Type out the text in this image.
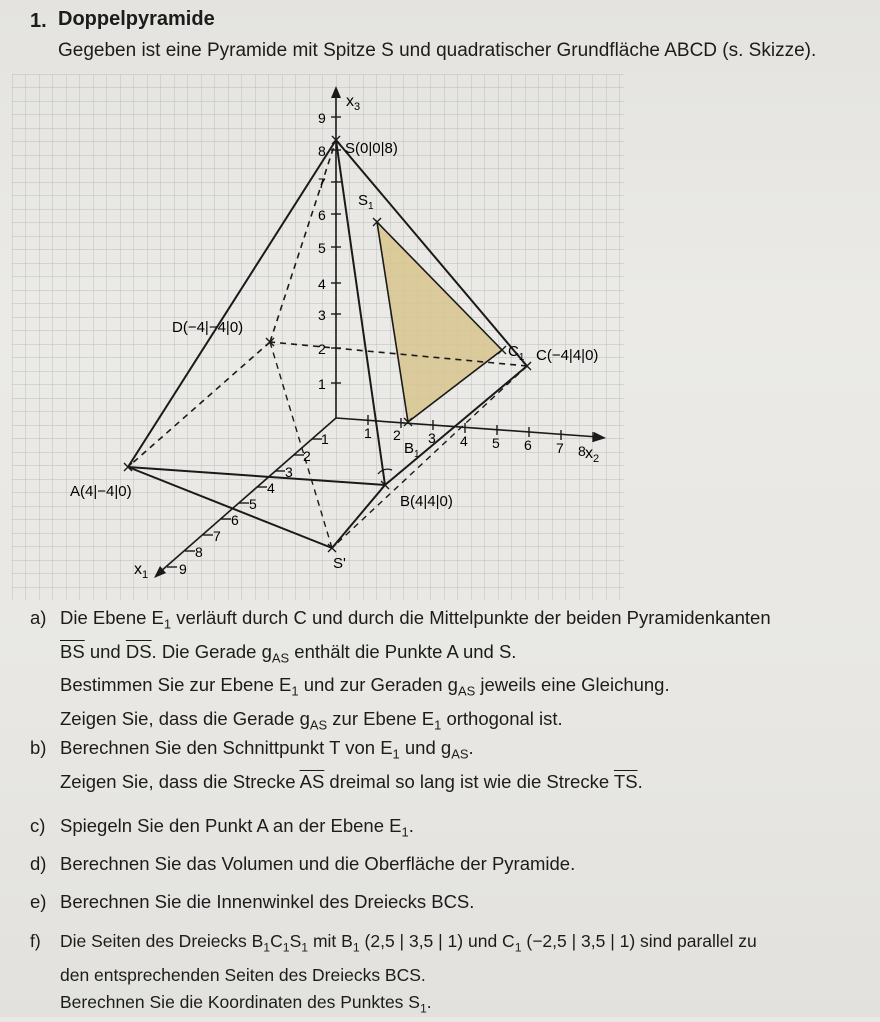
1. Doppelpyramide
Gegeben ist eine Pyramide mit Spitze S und quadratischer Grundfläche ABCD (s. Skizze).
$x_3$
$x_2$
$x_1$
S(0|0|8)
$S_1$
D(−4|−4|0)
C(−4|4|0)
$C_1$
A(4|−4|0)
B(4|4|0)
$B_1$
S'
1
2
3
4
5
6
7
8
9
1 2 3 4 5 6 7 8
1
2
3
4
5
6
7
8
9
a) Die Ebene $E_1$ verläuft durch C und durch die Mittelpunkte der beiden Pyramidenkanten
$\overline{BS}$ und $\overline{DS}$. Die Gerade $g_{AS}$ enthält die Punkte A und S.
Bestimmen Sie zur Ebene $E_1$ und zur Geraden $g_{AS}$ jeweils eine Gleichung.
Zeigen Sie, dass die Gerade $g_{AS}$ zur Ebene $E_1$ orthogonal ist.
b) Berechnen Sie den Schnittpunkt T von $E_1$ und $g_{AS}$.
Zeigen Sie, dass die Strecke $\overline{AS}$ dreimal so lang ist wie die Strecke $\overline{TS}$.
c) Spiegeln Sie den Punkt A an der Ebene $E_1$.
d) Berechnen Sie das Volumen und die Oberfläche der Pyramide.
e) Berechnen Sie die Innenwinkel des Dreiecks BCS.
f) Die Seiten des Dreiecks $B_1C_1S_1$ mit $B_1$ (2,5 | 3,5 | 1) und $C_1$ (−2,5 | 3,5 | 1) sind parallel zu
den entsprechenden Seiten des Dreiecks BCS.
Berechnen Sie die Koordinaten des Punktes $S_1$.
